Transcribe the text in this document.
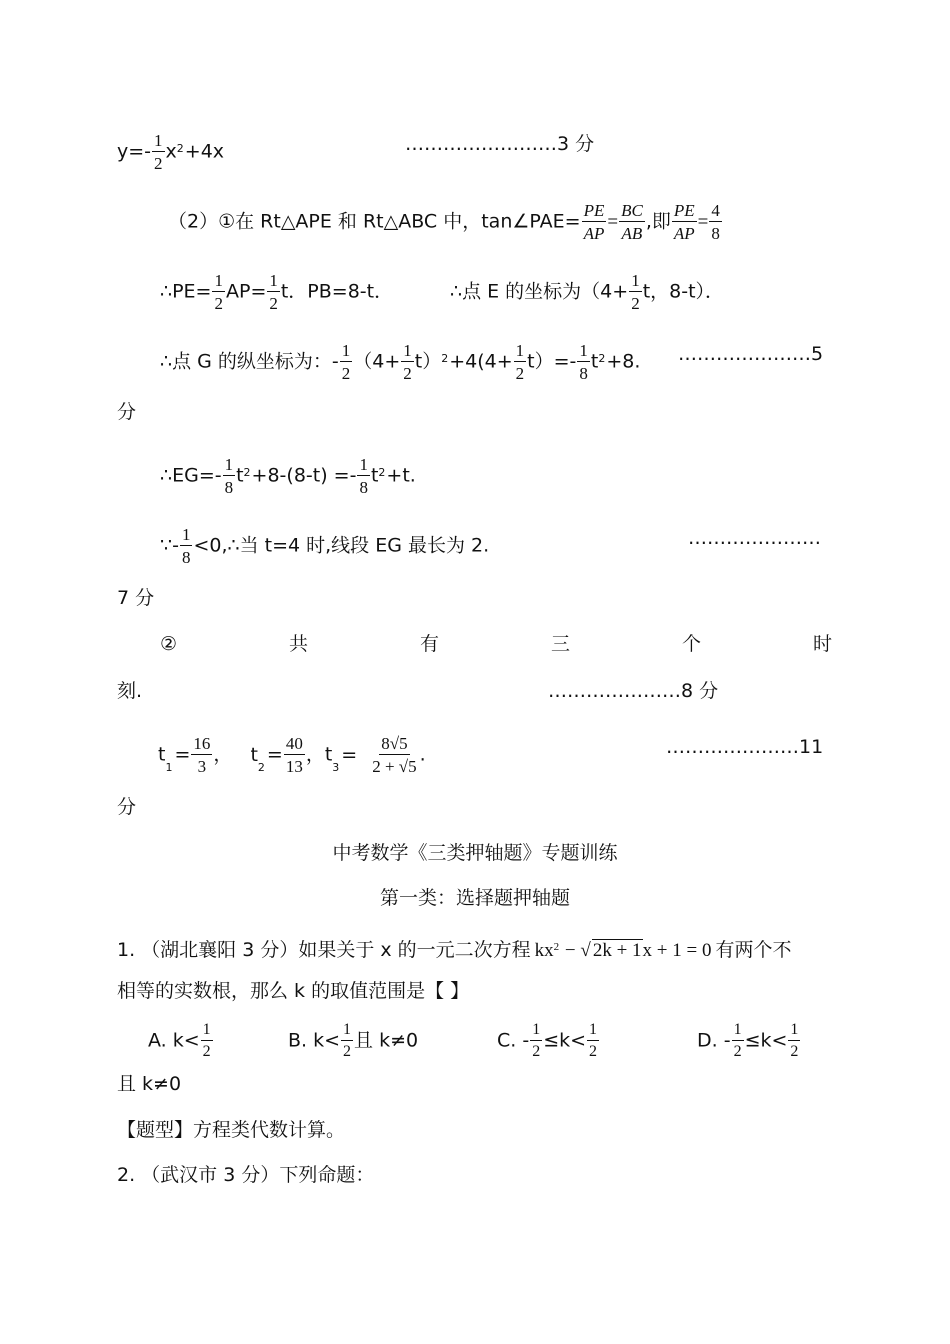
$y=- \frac{1}{2} x^2+4x$	……………………3 分
（2）①在 Rt△APE 和 Rt△ABC 中，tan∠PAE= $\frac{PE}{AP} = \frac{BC}{AB}$ ,即 $\frac{PE}{AP} = \frac{4}{8}$
∴PE= $\frac{1}{2} AP= \frac{1}{2}$ t．PB=8-t．	∴点 E 的坐标为（$4+ \frac{1}{2}$ t，8-t）．
∴点 G 的纵坐标为：- $\frac{1}{2} (4+ \frac{1}{2} t)^2+4(4+ \frac{1}{2} t)=- \frac{1}{8} t^2+8$. …………………5
分
∴EG=- $\frac{1}{8} t^2+8-(8-t) =- \frac{1}{8} t^2+t$.
∵- $\frac{1}{8}$ <0,∴当 t=4 时,线段 EG 最长为 2.	…………………
7 分
②	共	有	三	个	时
刻.	…………………8 分
$t_1= \frac{16}{3}$ ， $t_2= \frac{40}{13}$ ，$t_3= \frac{8√5}{2 + √5}$ .	…………………11
分
中考数学《三类押轴题》专题训练
第一类：选择题押轴题
1. （湖北襄阳 3 分）如果关于 x 的一元二次方程 $kx^2$ − √ 2k + 1x + 1 = 0 有两个不
相等的实数根，那么 k 的取值范围是【 】
A. $k< \frac{1}{2}$	B. $k< \frac{1}{2}$ 且 k≠0	C. - $\frac{1}{2} \le k< \frac{1}{2}$	D. - $\frac{1}{2} \le k< \frac{1}{2}$
且 k≠0
【题型】方程类代数计算。
2. （武汉市 3 分）下列命题：
